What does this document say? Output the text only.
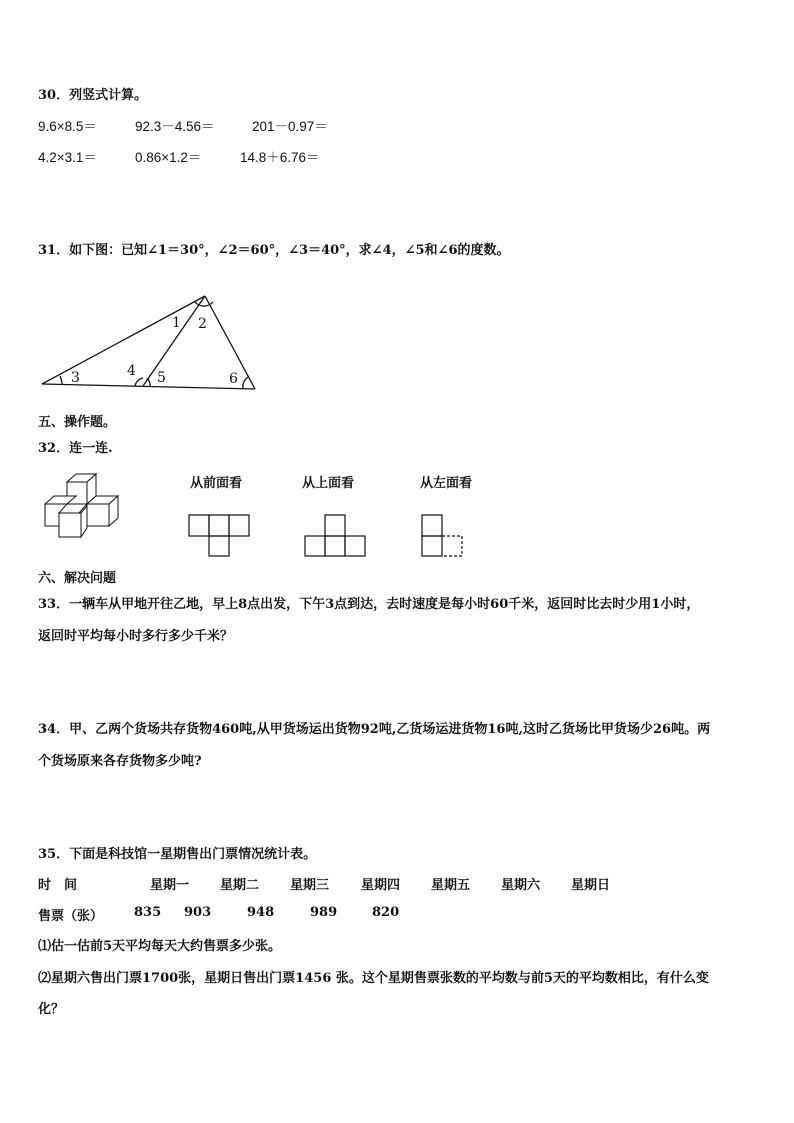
30．列竖式计算。
9.6×8.5＝	92.3－4.56＝	201－0.97＝
4.2×3.1＝	0.86×1.2＝	14.8＋6.76＝
31．如下图：已知∠1＝30°，∠2＝60°，∠3＝40°，求∠4，∠5和∠6的度数。
1 2
3	4 5	6
五、操作题。
32．连一连.
从前面看	从上面看	从左面看
六、解决问题
33．一辆车从甲地开往乙地，早上8点出发，下午3点到达，去时速度是每小时60千米，返回时比去时少用1小时，
返回时平均每小时多行多少千米？
34．甲、乙两个货场共存货物460吨,从甲货场运出货物92吨,乙货场运进货物16吨,这时乙货场比甲货场少26吨。两
个货场原来各存货物多少吨?
35．下面是科技馆一星期售出门票情况统计表。
时　间	星期一 星期二 星期三 星期四 星期五 星期六 星期日
售票（张） 835 903	948	989	820
⑴估一估前5天平均每天大约售票多少张。
⑵星期六售出门票1700张，星期日售出门票1456 张。这个星期售票张数的平均数与前5天的平均数相比，有什么变
化？
